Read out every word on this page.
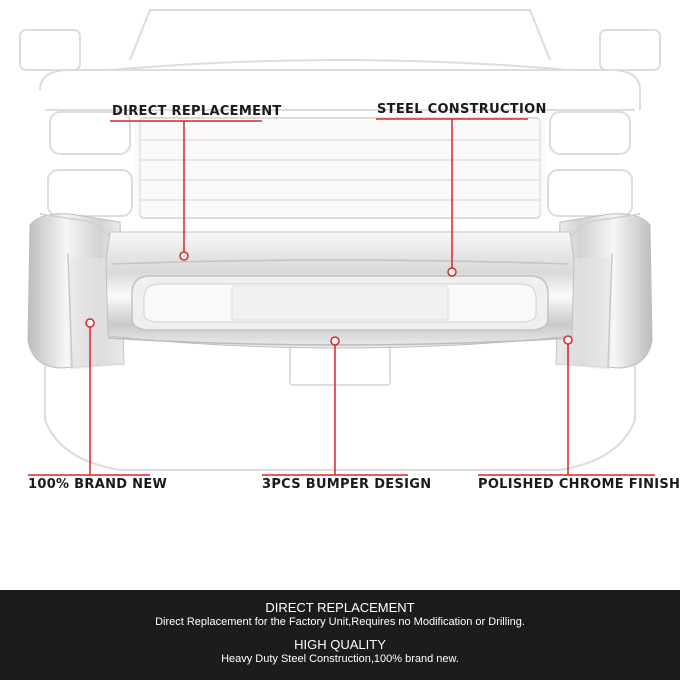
DIRECT REPLACEMENT	STEEL CONSTRUCTION
100% BRAND NEW	3PCS BUMPER DESIGN	POLISHED CHROME FINISH
DIRECT REPLACEMENT
Direct Replacement for the Factory Unit,Requires no Modification or Drilling.
HIGH QUALITY
Heavy Duty Steel Construction,100% brand new.
